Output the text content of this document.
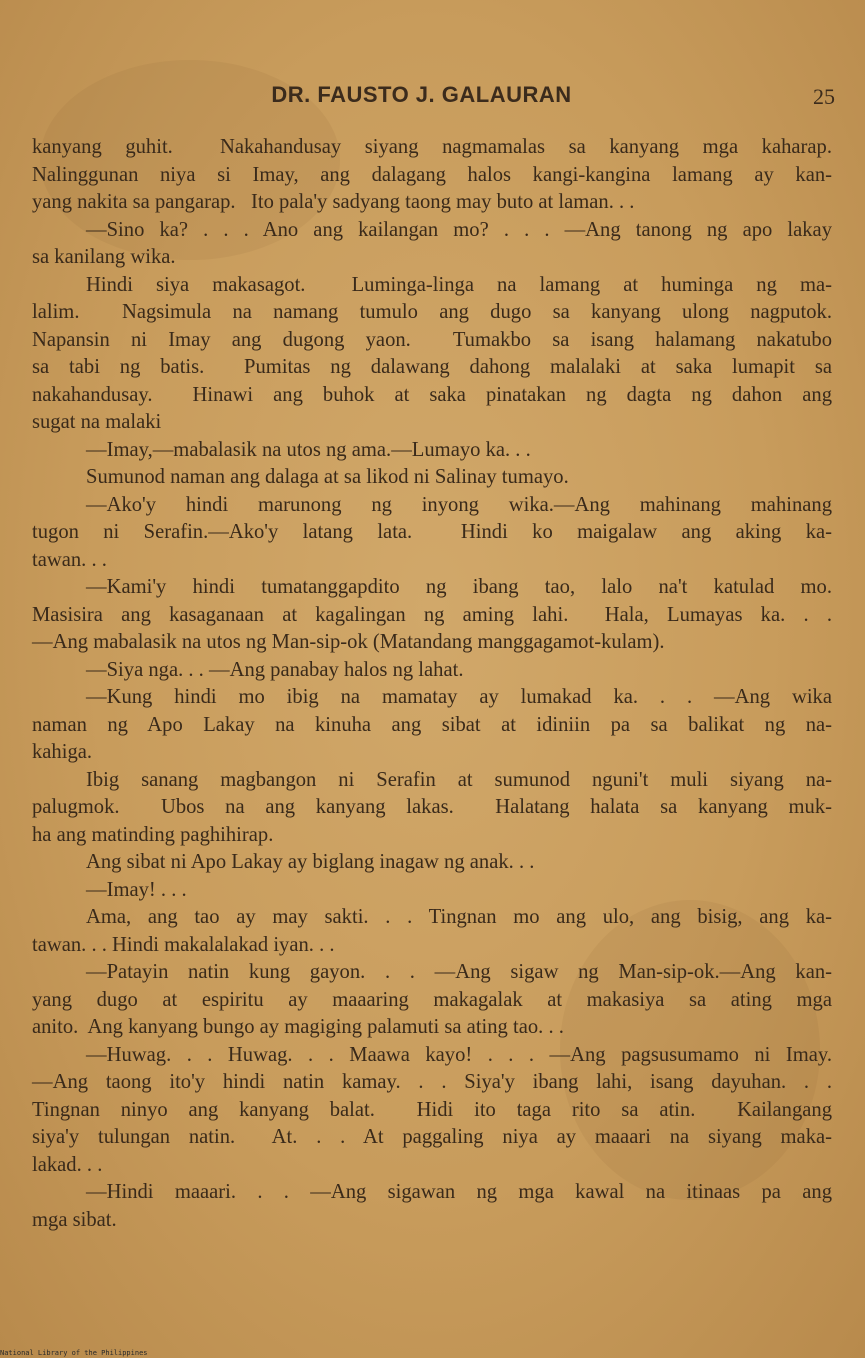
DR. FAUSTO J. GALAURAN	25
kanyang guhit.  Nakahandusay siyang nagmamalas sa kanyang mga kaharap.
Nalinggunan niya si Imay, ang dalagang halos kangi-kangina lamang ay kan-
yang nakita sa pangarap.   Ito pala'y sadyang taong may buto at laman. . .
—Sino ka? . . . Ano ang kailangan mo? . . . —Ang tanong ng apo lakay
sa kanilang wika.
Hindi siya makasagot.  Luminga-linga na lamang at huminga ng ma-
lalim.  Nagsimula na namang tumulo ang dugo sa kanyang ulong nagputok.
Napansin ni Imay ang dugong yaon.  Tumakbo sa isang halamang nakatubo
sa tabi ng batis.  Pumitas ng dalawang dahong malalaki at saka lumapit sa
nakahandusay.  Hinawi ang buhok at saka pinatakan ng dagta ng dahon ang
sugat na malaki
—Imay,—mabalasik na utos ng ama.—Lumayo ka. . .
Sumunod naman ang dalaga at sa likod ni Salinay tumayo.
—Ako'y hindi marunong ng inyong wika.—Ang mahinang mahinang
tugon ni Serafin.—Ako'y latang lata.  Hindi ko maigalaw ang aking ka-
tawan. . .
—Kami'y hindi tumatanggapdito ng ibang tao, lalo na't katulad mo.
Masisira ang kasaganaan at kagalingan ng aming lahi.  Hala, Lumayas ka. . .
—Ang mabalasik na utos ng Man-sip-ok (Matandang manggagamot-kulam).
—Siya nga. . . —Ang panabay halos ng lahat.
—Kung hindi mo ibig na mamatay ay lumakad ka. . . —Ang wika
naman ng Apo Lakay na kinuha ang sibat at idiniin pa sa balikat ng na-
kahiga.
Ibig sanang magbangon ni Serafin at sumunod nguni't muli siyang na-
palugmok.  Ubos na ang kanyang lakas.  Halatang halata sa kanyang muk-
ha ang matinding paghihirap.
Ang sibat ni Apo Lakay ay biglang inagaw ng anak. . .
—Imay! . . .
Ama, ang tao ay may sakti. . . Tingnan mo ang ulo, ang bisig, ang ka-
tawan. . . Hindi makalalakad iyan. . .
—Patayin natin kung gayon. . . —Ang sigaw ng Man-sip-ok.—Ang kan-
yang dugo at espiritu ay maaaring makagalak at makasiya sa ating mga
anito.  Ang kanyang bungo ay magiging palamuti sa ating tao. . .
—Huwag. . . Huwag. . . Maawa kayo! . . . —Ang pagsusumamo ni Imay.
—Ang taong ito'y hindi natin kamay. . . Siya'y ibang lahi, isang dayuhan. . .
Tingnan ninyo ang kanyang balat.  Hidi ito taga rito sa atin.  Kailangang
siya'y tulungan natin.  At. . . At paggaling niya ay maaari na siyang maka-
lakad. . .
—Hindi maaari. . . —Ang sigawan ng mga kawal na itinaas pa ang
mga sibat.
National Library of the Philippines
